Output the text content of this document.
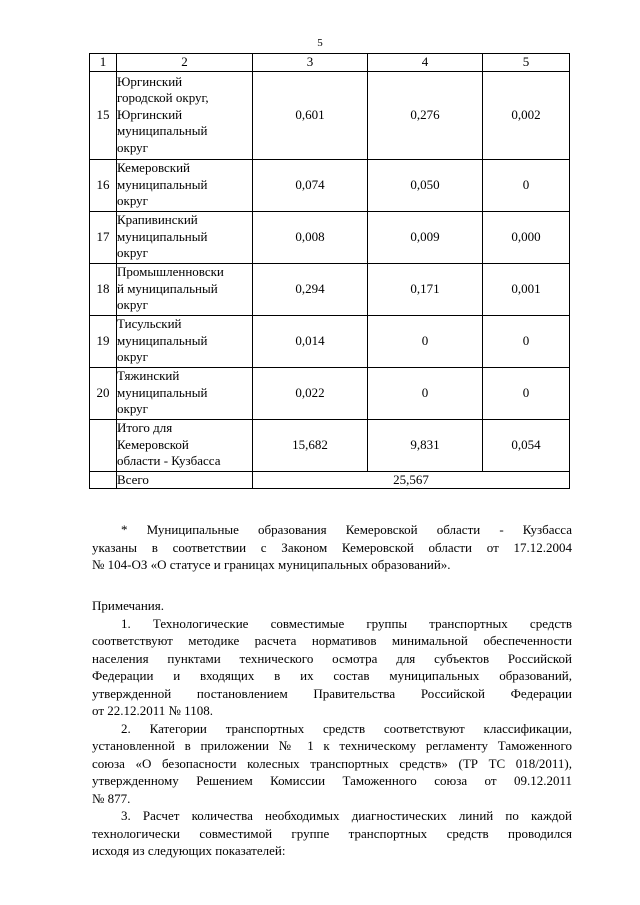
5
1	2	3	4	5
15	Юргинский
городской округ,
Юргинский
муниципальный
округ	0,601	0,276	0,002
16	Кемеровский
муниципальный
округ	0,074	0,050	0
17	Крапивинский
муниципальный
округ	0,008	0,009	0,000
18	Промышленновски
й муниципальный
округ	0,294	0,171	0,001
19	Тисульский
муниципальный
округ	0,014	0	0
20	Тяжинский
муниципальный
округ	0,022	0	0

	Итого для
Кемеровской
области - Кузбасса	15,682	9,831	0,054
	Всего	25,567		
* Муниципальные образования Кемеровской области - Кузбасса
указаны в соответствии с Законом Кемеровской области от 17.12.2004
№ 104-ОЗ «О статусе и границах муниципальных образований».
Примечания.
1. Технологические совместимые группы транспортных средств
соответствуют методике расчета нормативов минимальной обеспеченности
населения пунктами технического осмотра для субъектов Российской
Федерации и входящих в их состав муниципальных образований,
утвержденной постановлением Правительства Российской Федерации
от 22.12.2011 № 1108.
2. Категории транспортных средств соответствуют классификации,
установленной в приложении № 1 к техническому регламенту Таможенного
союза «О безопасности колесных транспортных средств» (ТР ТС 018/2011),
утвержденному Решением Комиссии Таможенного союза от 09.12.2011
№ 877.
3. Расчет количества необходимых диагностических линий по каждой
технологически совместимой группе транспортных средств проводился
исходя из следующих показателей:
